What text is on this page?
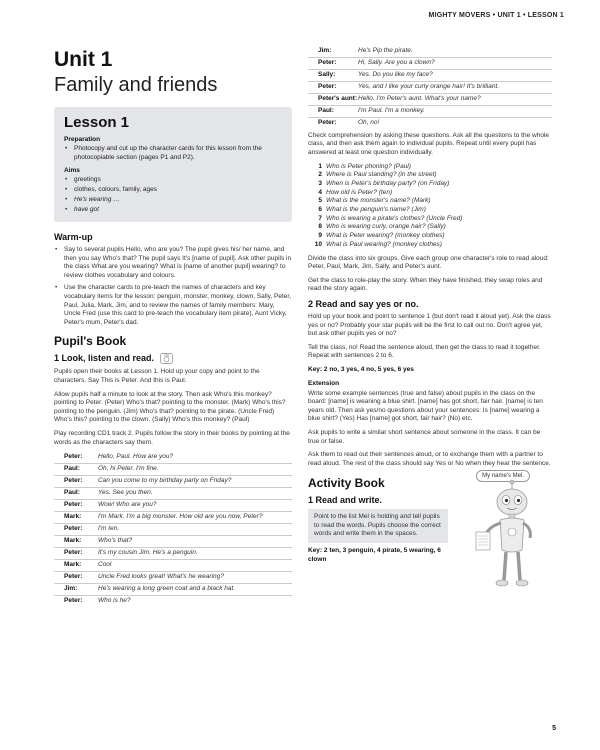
MIGHTY MOVERS • UNIT 1 • LESSON 1
Unit 1
Family and friends
Lesson 1
Preparation
• Photocopy and cut up the character cards for this lesson from the photocopiable section (pages P1 and P2).
Aims
• greetings
• clothes, colours, family, ages
• He's wearing …
• have got
Warm-up
• Say to several pupils Hello, who are you? The pupil gives his/ her name, and then you say Who's that? The pupil says It's [name of pupil]. Ask other pupils in the class What are you wearing? What is [name of another pupil] wearing? to review clothes vocabulary and colours.
• Use the character cards to pre-teach the names of characters and key vocabulary items for the lesson: penguin, monster, monkey, clown, Sally, Peter, Paul, Julia, Mark, Jim, and to review the names of family members: Mary, Uncle Fred (use this card to pre-teach the vocabulary item pirate), Aunt Vicky, Peter's mum, Peter's dad.
Pupil's Book
1 Look, listen and read.	CD1

Pupils open their books at Lesson 1. Hold up your copy and point to the characters. Say This is Peter. And this is Paul.

Allow pupils half a minute to look at the story. Then ask Who's this monkey? pointing to Peter. (Peter) Who's that? pointing to the monster. (Mark) Who's this? pointing to the penguin. (Jim) Who's that? pointing to the pirate. (Uncle Fred) Who's this? pointing to the clown. (Sally) Who's this monkey? (Paul)

Play recording CD1 track 2. Pupils follow the story in their books by pointing at the words as the characters say them.

Peter:	Hello, Paul. How are you?
Paul:	Oh, hi Peter. I'm fine.
Peter:	Can you come to my birthday party on Friday?
Paul:	Yes. See you then.
Peter:	Wow! Who are you?
Mark:	I'm Mark. I'm a big monster. How old are you now, Peter?
Peter:	I'm ten.
Mark:	Who's that?
Peter:	It's my cousin Jim. He's a penguin.
Mark:	Cool
Peter:	Uncle Fred looks great! What's he wearing?
Jim:	He's wearing a long green coat and a black hat.
Peter:	Who is he?
Jim:	He's Pip the pirate.
Peter:	Hi, Sally. Are you a clown?
Sally:	Yes. Do you like my face?
Peter:	Yes, and I like your curly orange hair! It's brilliant.
Peter's aunt: Hello. I'm Peter's aunt. What's your name?
Paul:	I'm Paul. I'm a monkey.
Peter:	Oh, no!

Check comprehension by asking these questions. Ask all the questions to the whole class, and then ask them again to individual pupils. Repeat until every pupil has answered at least one question individually.

1 Who is Peter phoning? (Paul)
2 Where is Paul standing? (in the street)
3 When is Peter's birthday party? (on Friday)
4 How old is Peter? (ten)
5 What is the monster's name? (Mark)
6 What is the penguin's name? (Jim)
7 Who is wearing a pirate's clothes? (Uncle Fred)
8 Who is wearing curly, orange hair? (Sally)
9 What is Peter wearing? (monkey clothes)
10 What is Paul wearing? (monkey clothes)

Divide the class into six groups. Give each group one character's role to read aloud: Peter, Paul, Mark, Jim, Sally, and Peter's aunt.

Get the class to role-play the story. When they have finished, they swap roles and read the story again.

2 Read and say yes or no.

Hold up your book and point to sentence 1 (but don't read it aloud yet). Ask the class yes or no? Probably your star pupils will be the first to call out no. Don't agree yet, but ask other pupils yes or no?

Tell the class, no! Read the sentence aloud, then get the class to read it together. Repeat with sentences 2 to 6.

Key: 2 no, 3 yes, 4 no, 5 yes, 6 yes
Extension

Write some example sentences (true and false) about pupils in the class on the board: [name] is weaning a blue shirt. [name] has got short, fair hair. [name] is ten years old. Then ask yes/no questions about your sentences: Is [name] wearing a blue shirt? (Yes) Has [name] got short, fair hair? (No) etc.

Ask pupils to write a similar short sentence about someone in the class. It can be true or false.

Ask them to read out their sentences aloud, or to exchange them with a partner to read aloud. The rest of the class should say Yes or No when they hear the sentence.

Activity Book
1 Read and write.

Point to the list Mel is holding and tell pupils to read the words. Pupils choose the correct words and write them in the spaces.

Key: 2 ten, 3 penguin, 4 pirate, 5 wearing, 6 clown
My name's Mel.
5
